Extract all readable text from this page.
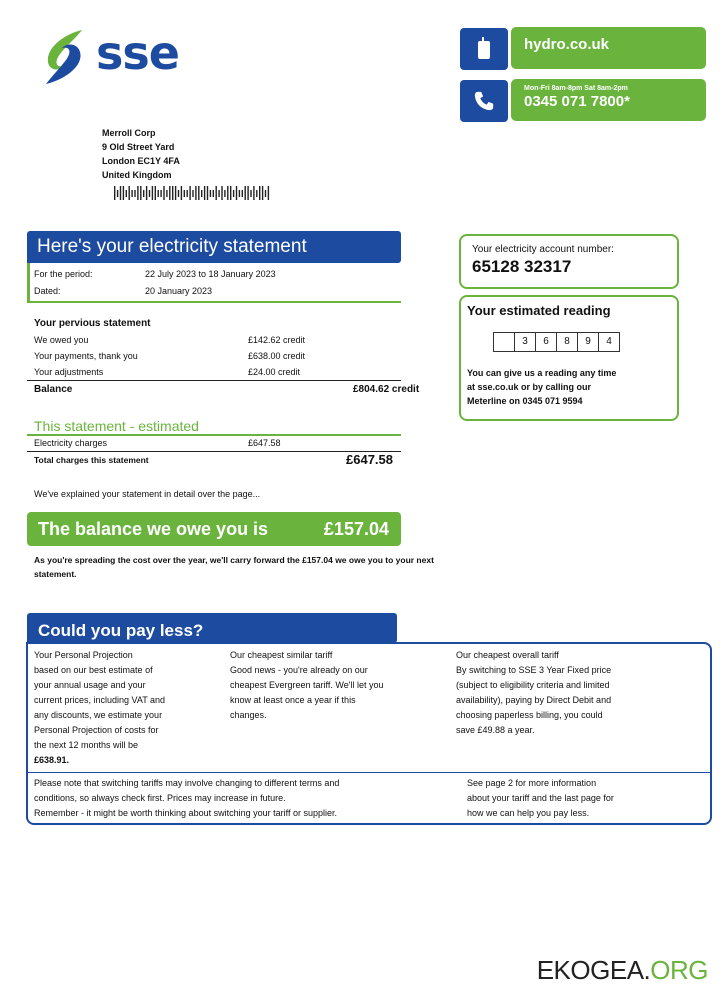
sse	hydro.co.uk
Mon-Fri 8am-8pm Sat 8am-2pm
0345 071 7800*
Merroll Corp
9 Old Street Yard
London EC1Y 4FA
United Kingdom
Here's your electricity statement
For the period:	22 July 2023 to 18 January 2023
Dated:	20 January 2023
Your pervious statement
We owed you	£142.62 credit
Your payments, thank you	£638.00 credit
Your adjustments	£24.00 credit
Balance	£804.62 credit
This statement - estimated
Electricity charges	£647.58
Total charges this statement	£647.58
We've explained your statement in detail over the page...
Your electricity account number:
65128 32317
Your estimated reading
3	6	8	9	4
You can give us a reading any time
at sse.co.uk or by calling our
Meterline on 0345 071 9594
The balance we owe you is	£157.04
As you're spreading the cost over the year, we'll carry forward the £157.04 we owe you to your next
statement.
Could you pay less?
Your Personal Projection
based on our best estimate of
your annual usage and your
current prices, including VAT and
any discounts, we estimate your
Personal Projection of costs for
the next 12 months will be
£638.91.
Our cheapest similar tariff
Good news - you're already on our
cheapest Evergreen tariff. We'll let you
know at least once a year if this
changes.
Our cheapest overall tariff
By switching to SSE 3 Year Fixed price
(subject to eligibility criteria and limited
availability), paying by Direct Debit and
choosing paperless billing, you could
save £49.88 a year.
Please note that switching tariffs may involve changing to different terms and
conditions, so always check first. Prices may increase in future.
Remember - it might be worth thinking about switching your tariff or supplier.
See page 2 for more information
about your tariff and the last page for
how we can help you pay less.
EKOGEA.ORG
